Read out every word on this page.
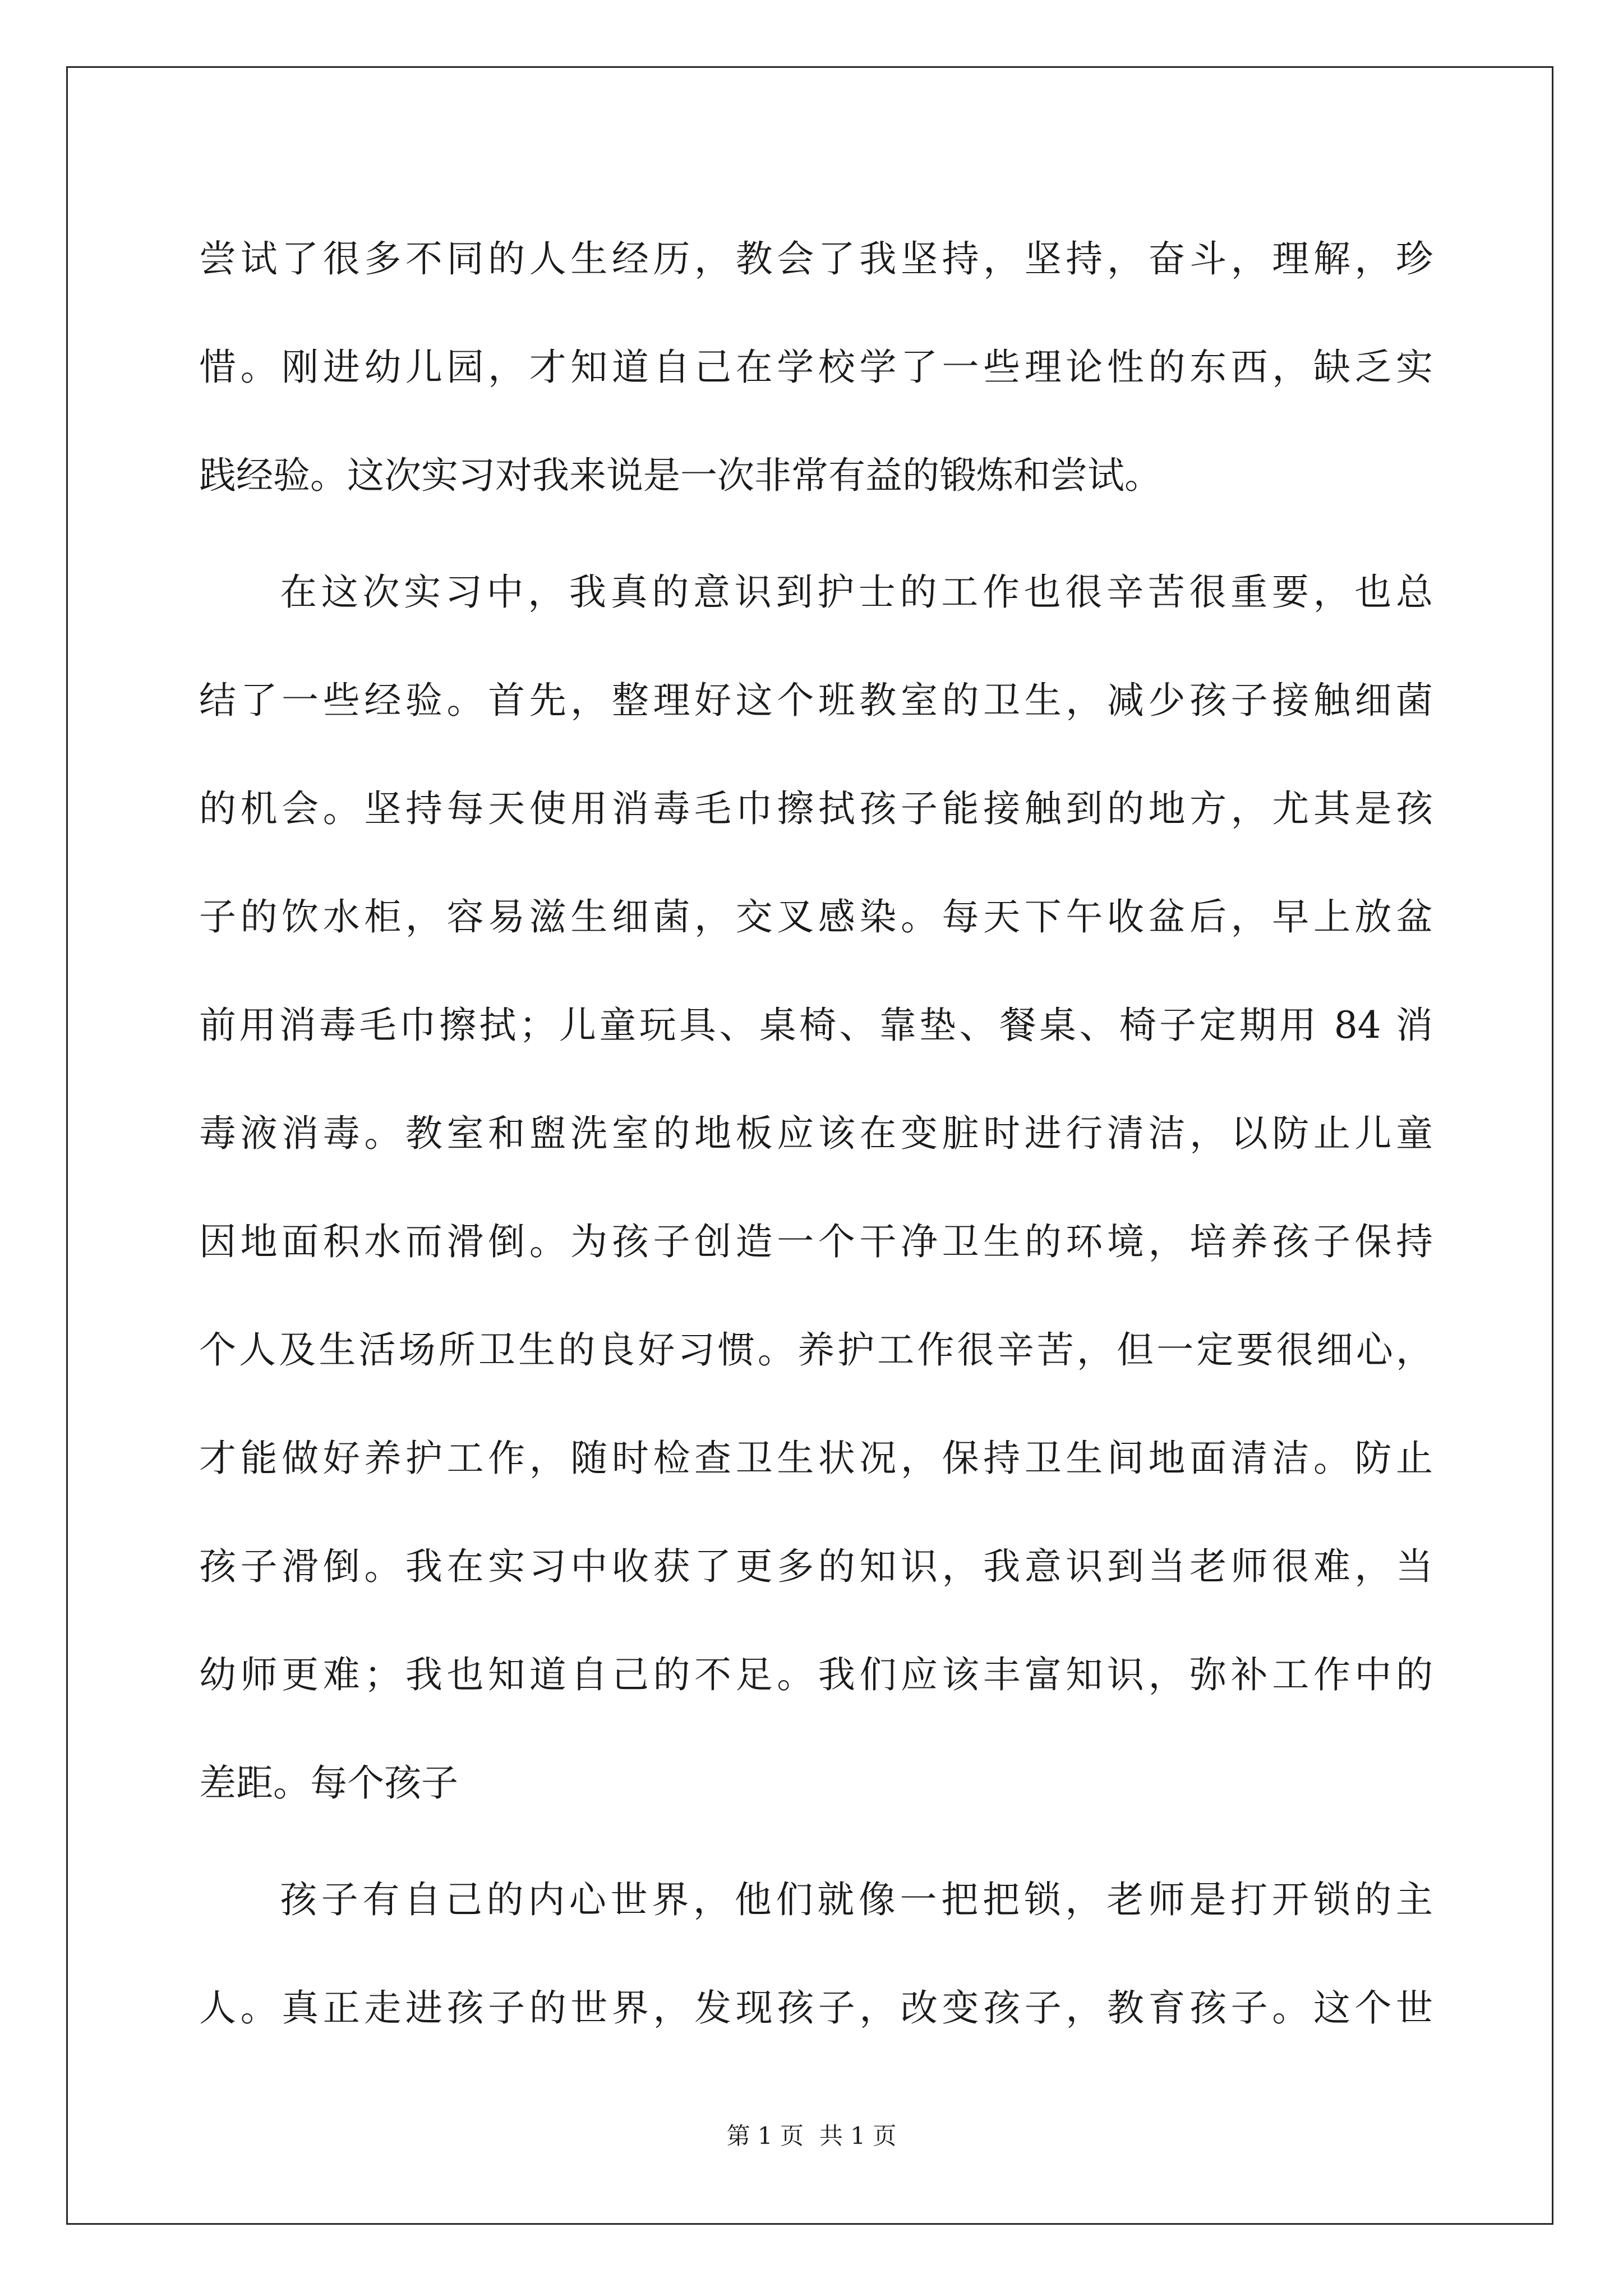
尝试了很多不同的人生经历，教会了我坚持，坚持，奋斗，理解，珍
惜。刚进幼儿园，才知道自己在学校学了一些理论性的东西，缺乏实
践经验。这次实习对我来说是一次非常有益的锻炼和尝试。
在这次实习中，我真的意识到护士的工作也很辛苦很重要，也总
结了一些经验。首先，整理好这个班教室的卫生，减少孩子接触细菌
的机会。坚持每天使用消毒毛巾擦拭孩子能接触到的地方，尤其是孩
子的饮水柜，容易滋生细菌，交叉感染。每天下午收盆后，早上放盆
前用消毒毛巾擦拭；儿童玩具、桌椅、靠垫、餐桌、椅子定期用 84 消
毒液消毒。教室和盥洗室的地板应该在变脏时进行清洁，以防止儿童
因地面积水而滑倒。为孩子创造一个干净卫生的环境，培养孩子保持
个人及生活场所卫生的良好习惯。养护工作很辛苦，但一定要很细心，
才能做好养护工作，随时检查卫生状况，保持卫生间地面清洁。防止
孩子滑倒。我在实习中收获了更多的知识，我意识到当老师很难，当
幼师更难；我也知道自己的不足。我们应该丰富知识，弥补工作中的
差距。每个孩子
孩子有自己的内心世界，他们就像一把把锁，老师是打开锁的主
人。真正走进孩子的世界，发现孩子，改变孩子，教育孩子。这个世
第 1 页 共 1 页
